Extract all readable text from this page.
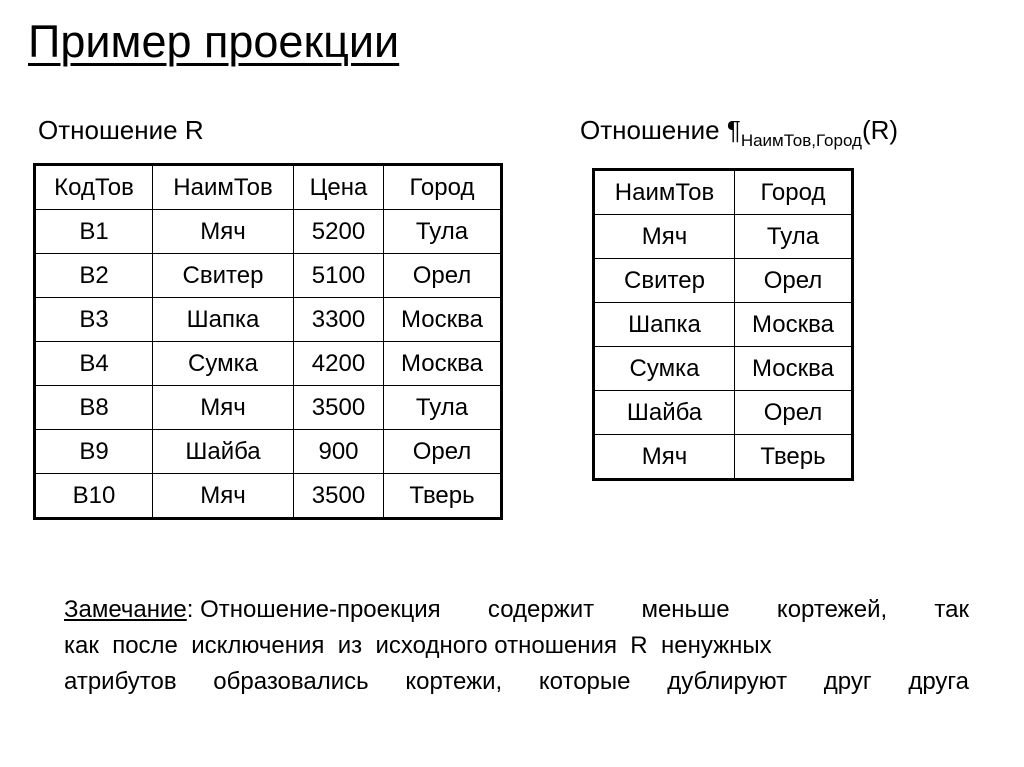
Пример проекции
Отношение R	Отношение $\P_{НаимТов,Город}(R)$
КодТов	НаимТов	Цена	Город
В1	Мяч	5200	Тула
В2	Свитер	5100	Орел
В3	Шапка	3300	Москва
В4	Сумка	4200	Москва
В8	Мяч	3500	Тула
В9	Шайба	900	Орел
В10	Мяч	3500	Тверь
НаимТов	Город
Мяч	Тула
Свитер	Орел
Шапка	Москва
Сумка	Москва
Шайба	Орел
Мяч	Тверь
Замечание: Отношение-проекция содержит меньше кортежей, так
как  после  исключения  из  исходного отношения  R  ненужных
атрибутов образовались кортежи, которые дублируют друг друга
